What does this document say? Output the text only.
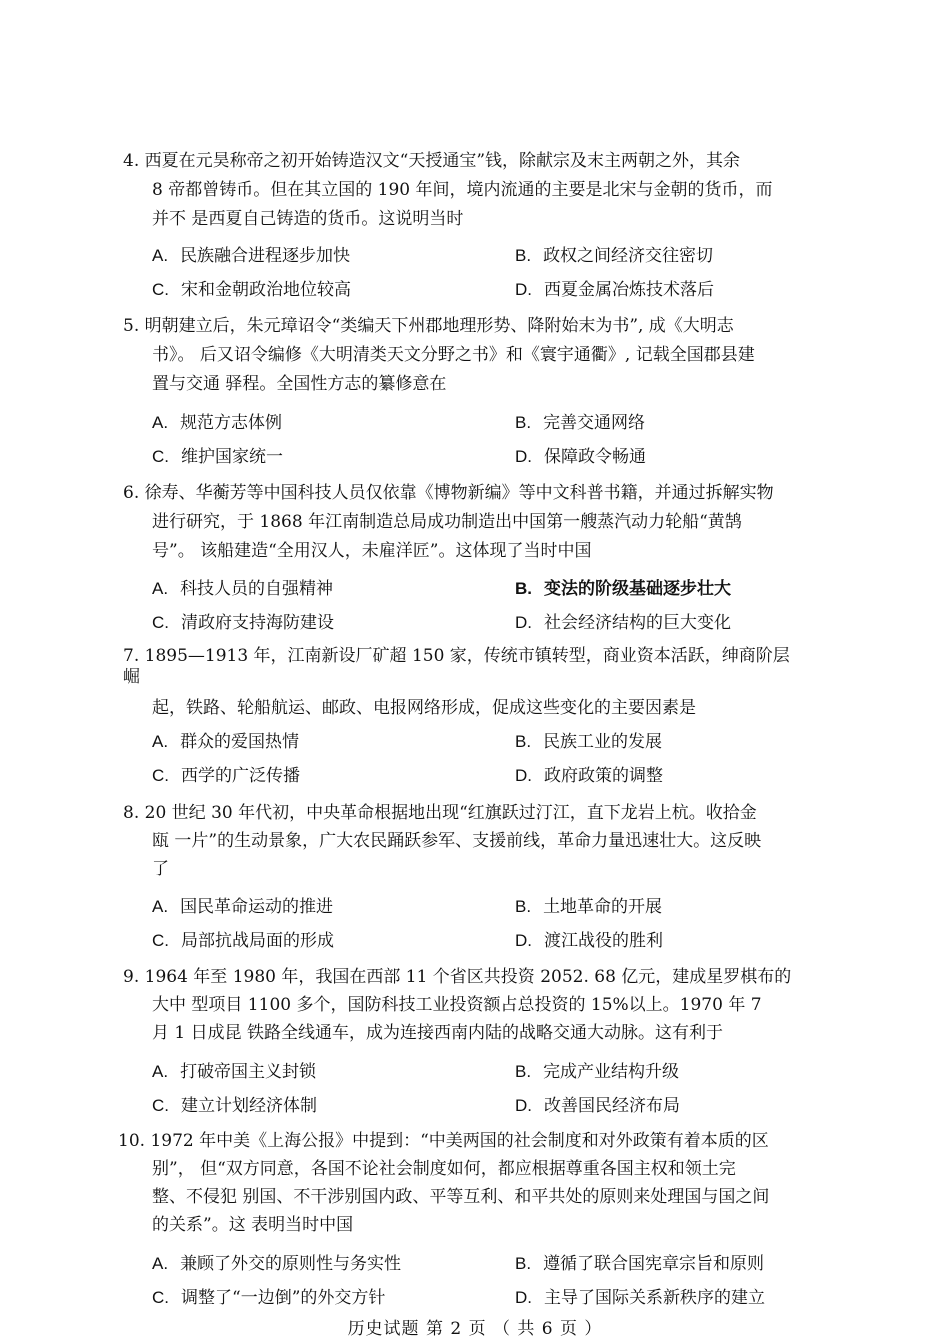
4. 西夏在元昊称帝之初开始铸造汉文“天授通宝”钱，除献宗及末主两朝之外，其余
8 帝都曾铸币。但在其立国的 190 年间，境内流通的主要是北宋与金朝的货币，而
并不 是西夏自己铸造的货币。这说明当时
A. 民族融合进程逐步加快	B. 政权之间经济交往密切
C. 宋和金朝政治地位较高	D. 西夏金属冶炼技术落后
5. 明朝建立后，朱元璋诏令“类编天下州郡地理形势、降附始末为书”, 成《大明志
书》。 后又诏令编修《大明清类天文分野之书》和《寰宇通衢》, 记载全国郡县建
置与交通 驿程。全国性方志的纂修意在
A. 规范方志体例	B. 完善交通网络
C. 维护国家统一	D. 保障政令畅通
6. 徐寿、华蘅芳等中国科技人员仅依靠《博物新编》等中文科普书籍，并通过拆解实物
进行研究，于 1868 年江南制造总局成功制造出中国第一艘蒸汽动力轮船“黄鹄
号”。 该船建造“全用汉人，未雇洋匠”。这体现了当时中国
A. 科技人员的自强精神	B. 变法的阶级基础逐步壮大
C. 清政府支持海防建设	D. 社会经济结构的巨大变化
7. 1895—1913 年，江南新设厂矿超 150 家，传统市镇转型，商业资本活跃，绅商阶层
崛
起，铁路、轮船航运、邮政、电报网络形成，促成这些变化的主要因素是
A. 群众的爱国热情	B. 民族工业的发展
C. 西学的广泛传播	D. 政府政策的调整
8. 20 世纪 30 年代初，中央革命根据地出现“红旗跃过汀江，直下龙岩上杭。收拾金
瓯 一片”的生动景象，广大农民踊跃参军、支援前线，革命力量迅速壮大。这反映
了
A. 国民革命运动的推进	B. 土地革命的开展
C. 局部抗战局面的形成	D. 渡江战役的胜利
9. 1964 年至 1980 年，我国在西部 11 个省区共投资 2052. 68 亿元，建成星罗棋布的
大中 型项目 1100 多个，国防科技工业投资额占总投资的 15%以上。1970 年 7
月 1 日成昆 铁路全线通车，成为连接西南内陆的战略交通大动脉。这有利于
A. 打破帝国主义封锁	B. 完成产业结构升级
C. 建立计划经济体制	D. 改善国民经济布局
10. 1972 年中美《上海公报》中提到：“中美两国的社会制度和对外政策有着本质的区
别”， 但“双方同意，各国不论社会制度如何，都应根据尊重各国主权和领土完
整、不侵犯 别国、不干涉别国内政、平等互利、和平共处的原则来处理国与国之间
的关系”。这 表明当时中国
A. 兼顾了外交的原则性与务实性	B. 遵循了联合国宪章宗旨和原则
C. 调整了“一边倒”的外交方针	D. 主导了国际关系新秩序的建立
历史试题 第 2 页 （ 共 6 页 ）
